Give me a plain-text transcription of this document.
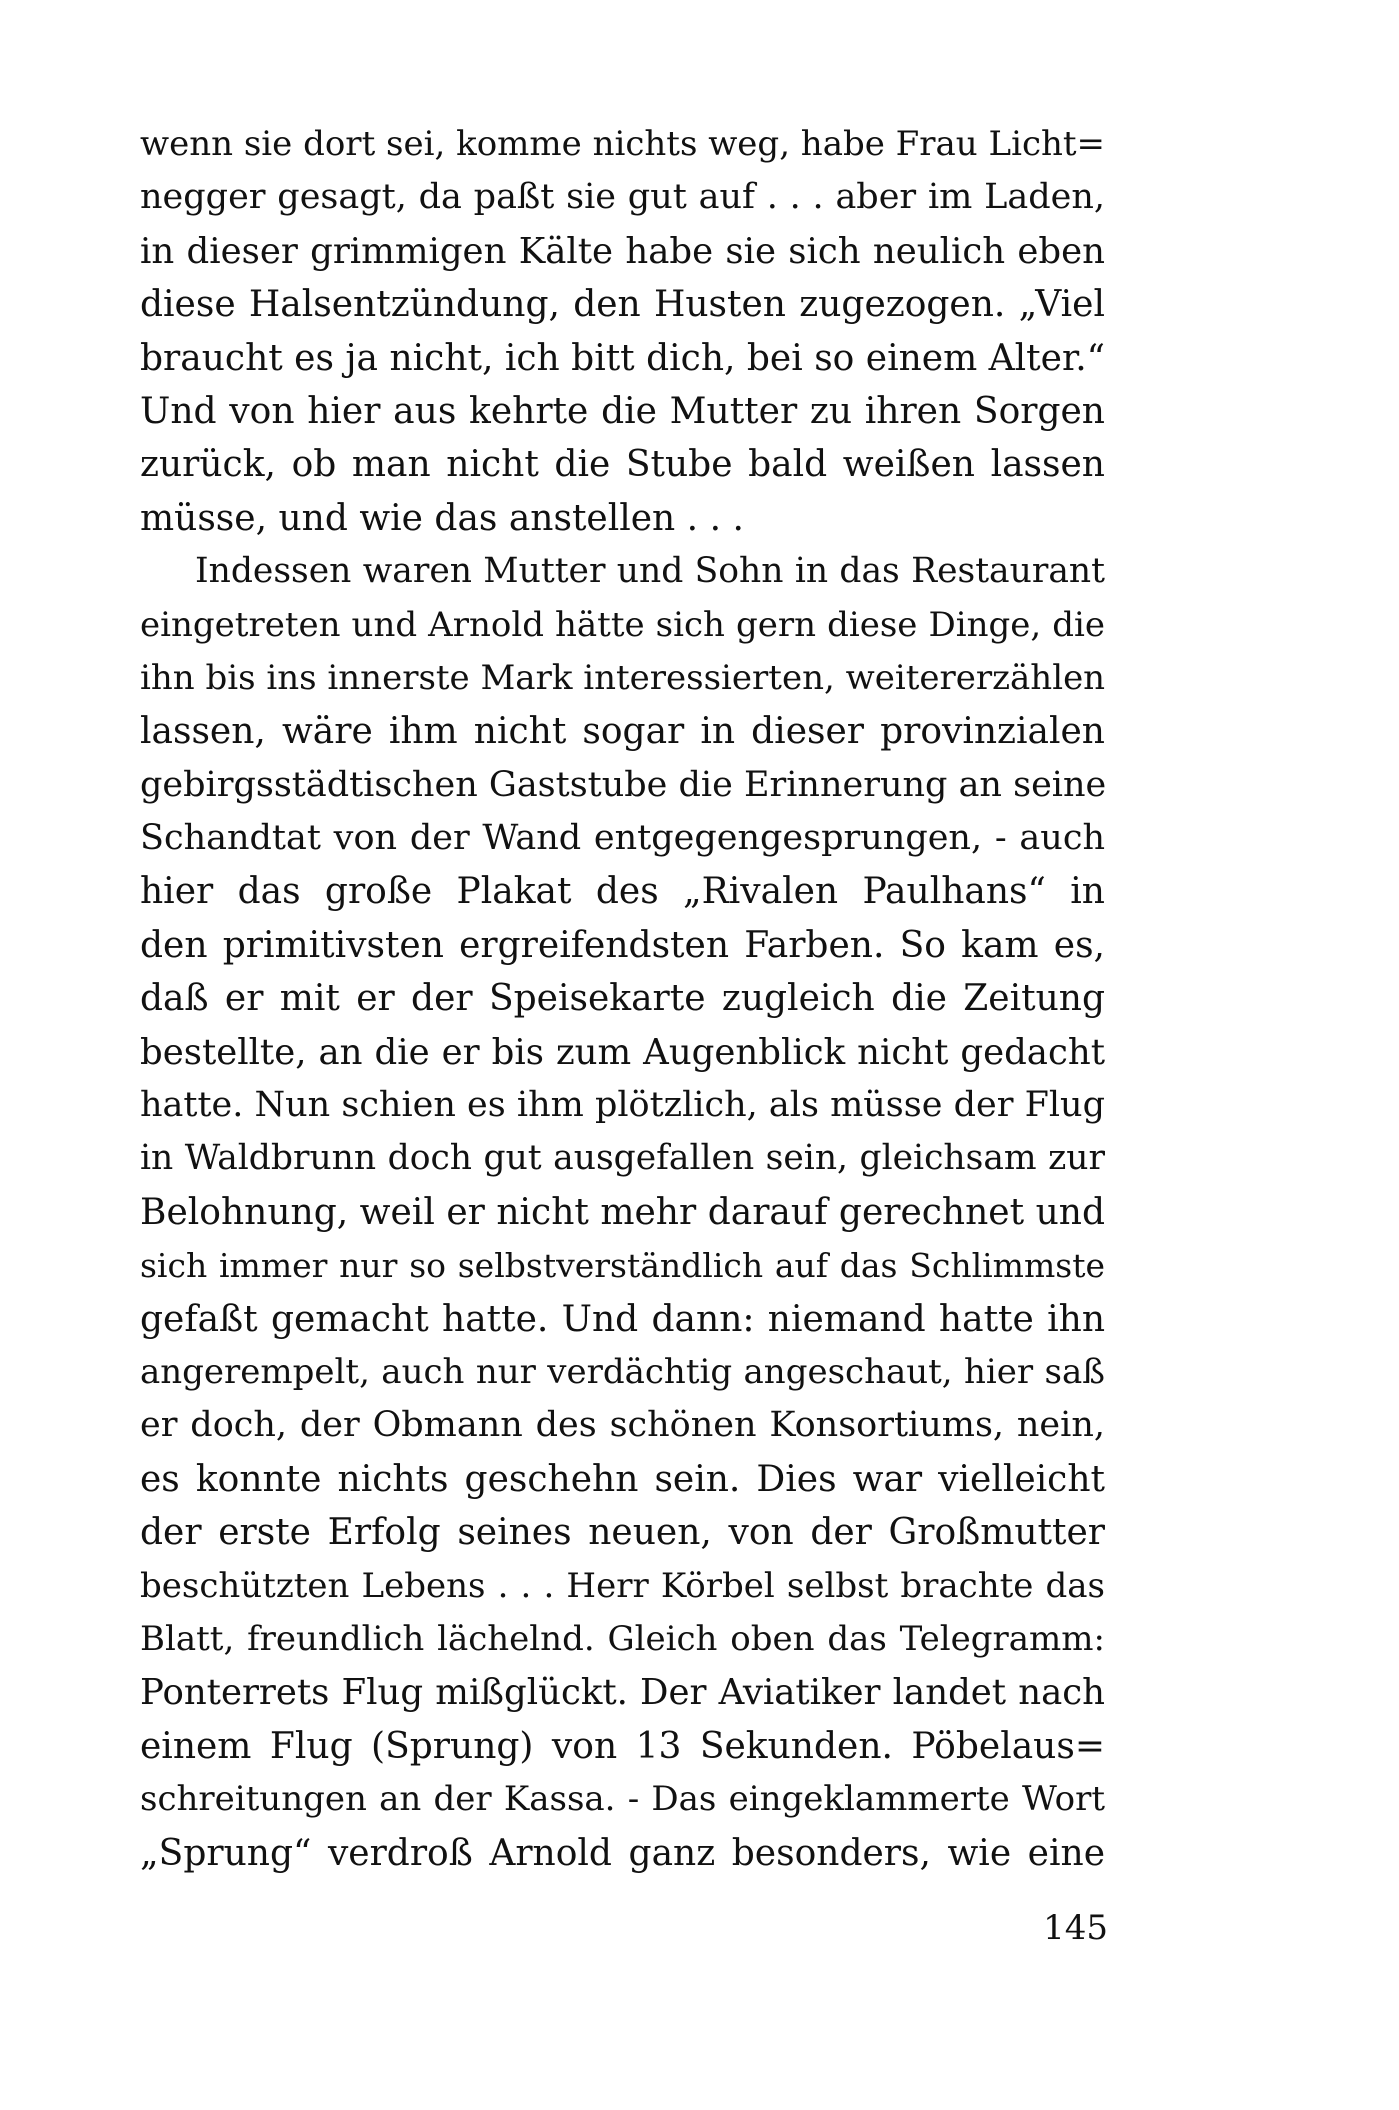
wenn sie dort sei, komme nichts weg, habe Frau Licht=
negger gesagt, da paßt sie gut auf . . . aber im Laden,
in dieser grimmigen Kälte habe sie sich neulich eben
diese Halsentzündung, den Husten zugezogen. „Viel
braucht es ja nicht, ich bitt dich, bei so einem Alter.“
Und von hier aus kehrte die Mutter zu ihren Sorgen
zurück, ob man nicht die Stube bald weißen lassen
müsse, und wie das anstellen . . .
Indessen waren Mutter und Sohn in das Restaurant
eingetreten und Arnold hätte sich gern diese Dinge, die
ihn bis ins innerste Mark interessierten, weitererzählen
lassen, wäre ihm nicht sogar in dieser provinzialen
gebirgsstädtischen Gaststube die Erinnerung an seine
Schandtat von der Wand entgegengesprungen, - auch
hier das große Plakat des „Rivalen Paulhans“ in
den primitivsten ergreifendsten Farben. So kam es,
daß er mit er der Speisekarte zugleich die Zeitung
bestellte, an die er bis zum Augenblick nicht gedacht
hatte. Nun schien es ihm plötzlich, als müsse der Flug
in Waldbrunn doch gut ausgefallen sein, gleichsam zur
Belohnung, weil er nicht mehr darauf gerechnet und
sich immer nur so selbstverständlich auf das Schlimmste
gefaßt gemacht hatte. Und dann: niemand hatte ihn
angerempelt, auch nur verdächtig angeschaut, hier saß
er doch, der Obmann des schönen Konsortiums, nein,
es konnte nichts geschehn sein. Dies war vielleicht
der erste Erfolg seines neuen, von der Großmutter
beschützten Lebens . . . Herr Körbel selbst brachte das
Blatt, freundlich lächelnd. Gleich oben das Telegramm:
Ponterrets Flug mißglückt. Der Aviatiker landet nach
einem Flug (Sprung) von 13 Sekunden. Pöbelaus=
schreitungen an der Kassa. - Das eingeklammerte Wort
„Sprung“ verdroß Arnold ganz besonders, wie eine
145
